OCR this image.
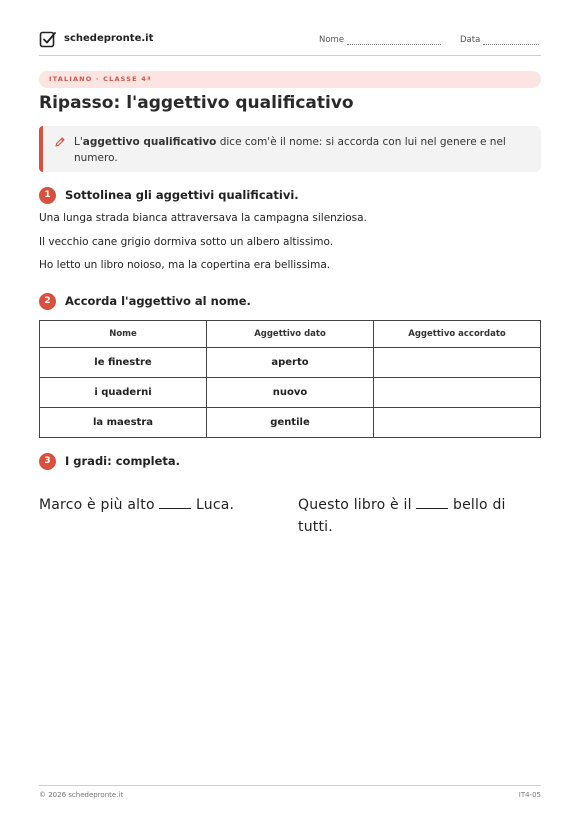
schedepronte.it	Nome	Data
ITALIANO · CLASSE 4ª
Ripasso: l'aggettivo qualificativo
L'aggettivo qualificativo dice com'è il nome: si accorda con lui nel genere e nel numero.
1	Sottolinea gli aggettivi qualificativi.
Una lunga strada bianca attraversava la campagna silenziosa.
Il vecchio cane grigio dormiva sotto un albero altissimo.
Ho letto un libro noioso, ma la copertina era bellissima.
2	Accorda l'aggettivo al nome.
Nome	Aggettivo dato	Aggettivo accordato
le finestre	aperto	
i quaderni	nuovo	
la maestra	gentile	
3	I gradi: completa.
Marco è più alto  Luca.	Questo libro è il  bello di tutti.
© 2026 schedepronte.it	IT4-05
